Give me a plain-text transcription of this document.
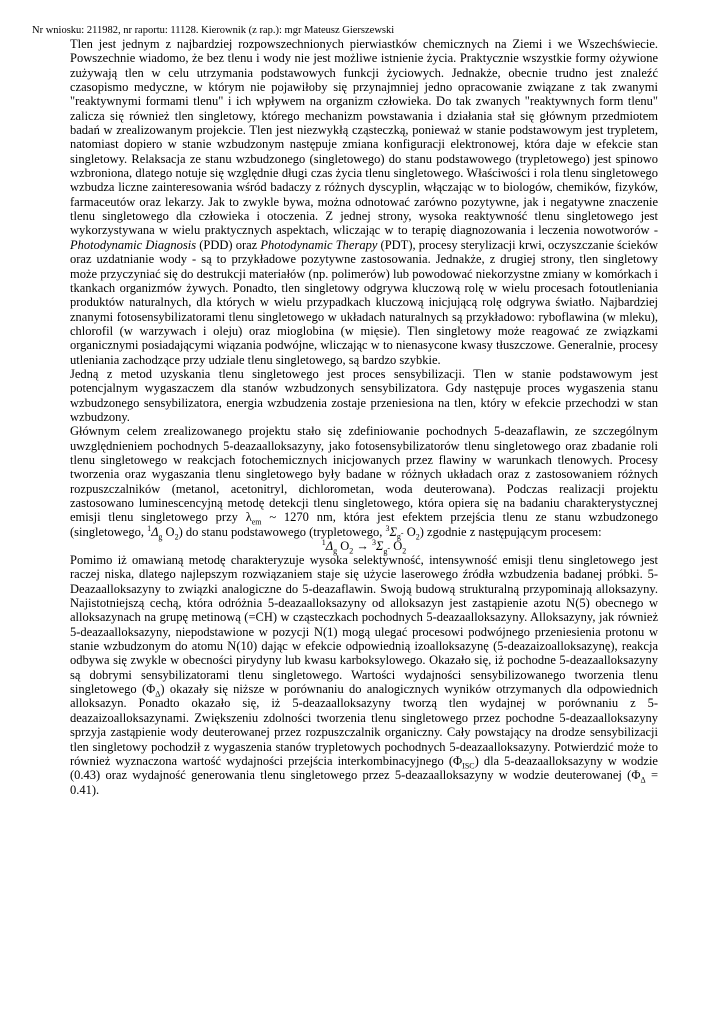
Nr wniosku: 211982, nr raportu: 11128. Kierownik (z rap.): mgr Mateusz Gierszewski

Tlen jest jednym z najbardziej rozpowszechnionych pierwiastków chemicznych na Ziemi i we Wszechświecie. Powszechnie wiadomo, że bez tlenu i wody nie jest możliwe istnienie życia. Praktycznie wszystkie formy ożywione zużywają tlen w celu utrzymania podstawowych funkcji życiowych. Jednakże, obecnie trudno jest znaleźć czasopismo medyczne, w którym nie pojawiłoby się przynajmniej jedno opracowanie związane z tak zwanymi "reaktywnymi formami tlenu" i ich wpływem na organizm człowieka. Do tak zwanych "reaktywnych form tlenu" zalicza się również tlen singletowy, którego mechanizm powstawania i działania stał się głównym przedmiotem badań w zrealizowanym projekcie. Tlen jest niezwykłą cząsteczką, ponieważ w stanie podstawowym jest trypletem, natomiast dopiero w stanie wzbudzonym następuje zmiana konfiguracji elektronowej, która daje w efekcie stan singletowy. Relaksacja ze stanu wzbudzonego (singletowego) do stanu podstawowego (trypletowego) jest spinowo wzbroniona, dlatego notuje się względnie długi czas życia tlenu singletowego. Właściwości i rola tlenu singletowego wzbudza liczne zainteresowania wśród badaczy z różnych dyscyplin, włączając w to biologów, chemików, fizyków, farmaceutów oraz lekarzy. Jak to zwykle bywa, można odnotować zarówno pozytywne, jak i negatywne znaczenie tlenu singletowego dla człowieka i otoczenia. Z jednej strony, wysoka reaktywność tlenu singletowego jest wykorzystywana w wielu praktycznych aspektach, wliczając w to terapię diagnozowania i leczenia nowotworów - Photodynamic Diagnosis (PDD) oraz Photodynamic Therapy (PDT), procesy sterylizacji krwi, oczyszczanie ścieków oraz uzdatnianie wody - są to przykładowe pozytywne zastosowania. Jednakże, z drugiej strony, tlen singletowy może przyczyniać się do destrukcji materiałów (np. polimerów) lub powodować niekorzystne zmiany w komórkach i tkankach organizmów żywych. Ponadto, tlen singletowy odgrywa kluczową rolę w wielu procesach fotoutleniania produktów naturalnych, dla których w wielu przypadkach kluczową inicjującą rolę odgrywa światło. Najbardziej znanymi fotosensybilizatorami tlenu singletowego w układach naturalnych są przykładowo: ryboflawina (w mleku), chlorofil (w warzywach i oleju) oraz mioglobina (w mięsie). Tlen singletowy może reagować ze związkami organicznymi posiadającymi wiązania podwójne, wliczając w to nienasycone kwasy tłuszczowe. Generalnie, procesy utleniania zachodzące przy udziale tlenu singletowego, są bardzo szybkie.

Jedną z metod uzyskania tlenu singletowego jest proces sensybilizacji. Tlen w stanie podstawowym jest potencjalnym wygaszaczem dla stanów wzbudzonych sensybilizatora. Gdy następuje proces wygaszenia stanu wzbudzonego sensybilizatora, energia wzbudzenia zostaje przeniesiona na tlen, który w efekcie przechodzi w stan wzbudzony.

Głównym celem zrealizowanego projektu stało się zdefiniowanie pochodnych 5-deazaflawin, ze szczególnym uwzględnieniem pochodnych 5-deazaalloksazyny, jako fotosensybilizatorów tlenu singletowego oraz zbadanie roli tlenu singletowego w reakcjach fotochemicznych inicjowanych przez flawiny w warunkach tlenowych. Procesy tworzenia oraz wygaszania tlenu singletowego były badane w różnych układach oraz z zastosowaniem różnych rozpuszczalników (metanol, acetonitryl, dichlorometan, woda deuterowana). Podczas realizacji projektu zastosowano luminescencyjną metodę detekcji tlenu singletowego, która opiera się na badaniu charakterystycznej emisji tlenu singletowego przy $\lambda_{em}$ ~ 1270 nm, która jest efektem przejścia tlenu ze stanu wzbudzonego (singletowego, $^1\Delta_g$ $O_2$) do stanu podstawowego (trypletowego, $^3\Sigma_{g^-}$ $O_2$) zgodnie z następującym procesem:

$^1\Delta_g$ $O_2 \to ^3\Sigma_{g^-}$ $O_2$

Pomimo iż omawianą metodę charakteryzuje wysoka selektywność, intensywność emisji tlenu singletowego jest raczej niska, dlatego najlepszym rozwiązaniem staje się użycie laserowego źródła wzbudzenia badanej próbki. 5-Deazaalloksazyny to związki analogiczne do 5-deazaflawin. Swoją budową strukturalną przypominają alloksazyny. Najistotniejszą cechą, która odróżnia 5-deazaalloksazyny od alloksazyn jest zastąpienie azotu N(5) obecnego w alloksazynach na grupę metinową (=CH) w cząsteczkach pochodnych 5-deazaalloksazyny. Alloksazyny, jak również 5-deazaalloksazyny, niepodstawione w pozycji N(1) mogą ulegać procesowi podwójnego przeniesienia protonu w stanie wzbudzonym do atomu N(10) dając w efekcie odpowiednią izoalloksazynę (5-deazaizoalloksazynę), reakcja odbywa się zwykle w obecności pirydyny lub kwasu karboksylowego. Okazało się, iż pochodne 5-deazaalloksazyny są dobrymi sensybilizatorami tlenu singletowego. Wartości wydajności sensybilizowanego tworzenia tlenu singletowego $(\Phi_\Delta)$ okazały się niższe w porównaniu do analogicznych wyników otrzymanych dla odpowiednich alloksazyn. Ponadto okazało się, iż 5-deazaalloksazyny tworzą tlen wydajnej w porównaniu z 5-deazaizoalloksazynami. Zwiększeniu zdolności tworzenia tlenu singletowego przez pochodne 5-deazaalloksazyny sprzyja zastąpienie wody deuterowanej przez rozpuszczalnik organiczny. Cały powstający na drodze sensybilizacji tlen singletowy pochodził z wygaszenia stanów trypletowych pochodnych 5-deazaalloksazyny. Potwierdzić może to również wyznaczona wartość wydajności przejścia interkombinacyjnego $(\Phi_{ISC})$ dla 5-deazaalloksazyny w wodzie (0.43) oraz wydajność generowania tlenu singletowego przez 5-deazaalloksazyny w wodzie deuterowanej $(\Phi_\Delta = 0.41)$.
